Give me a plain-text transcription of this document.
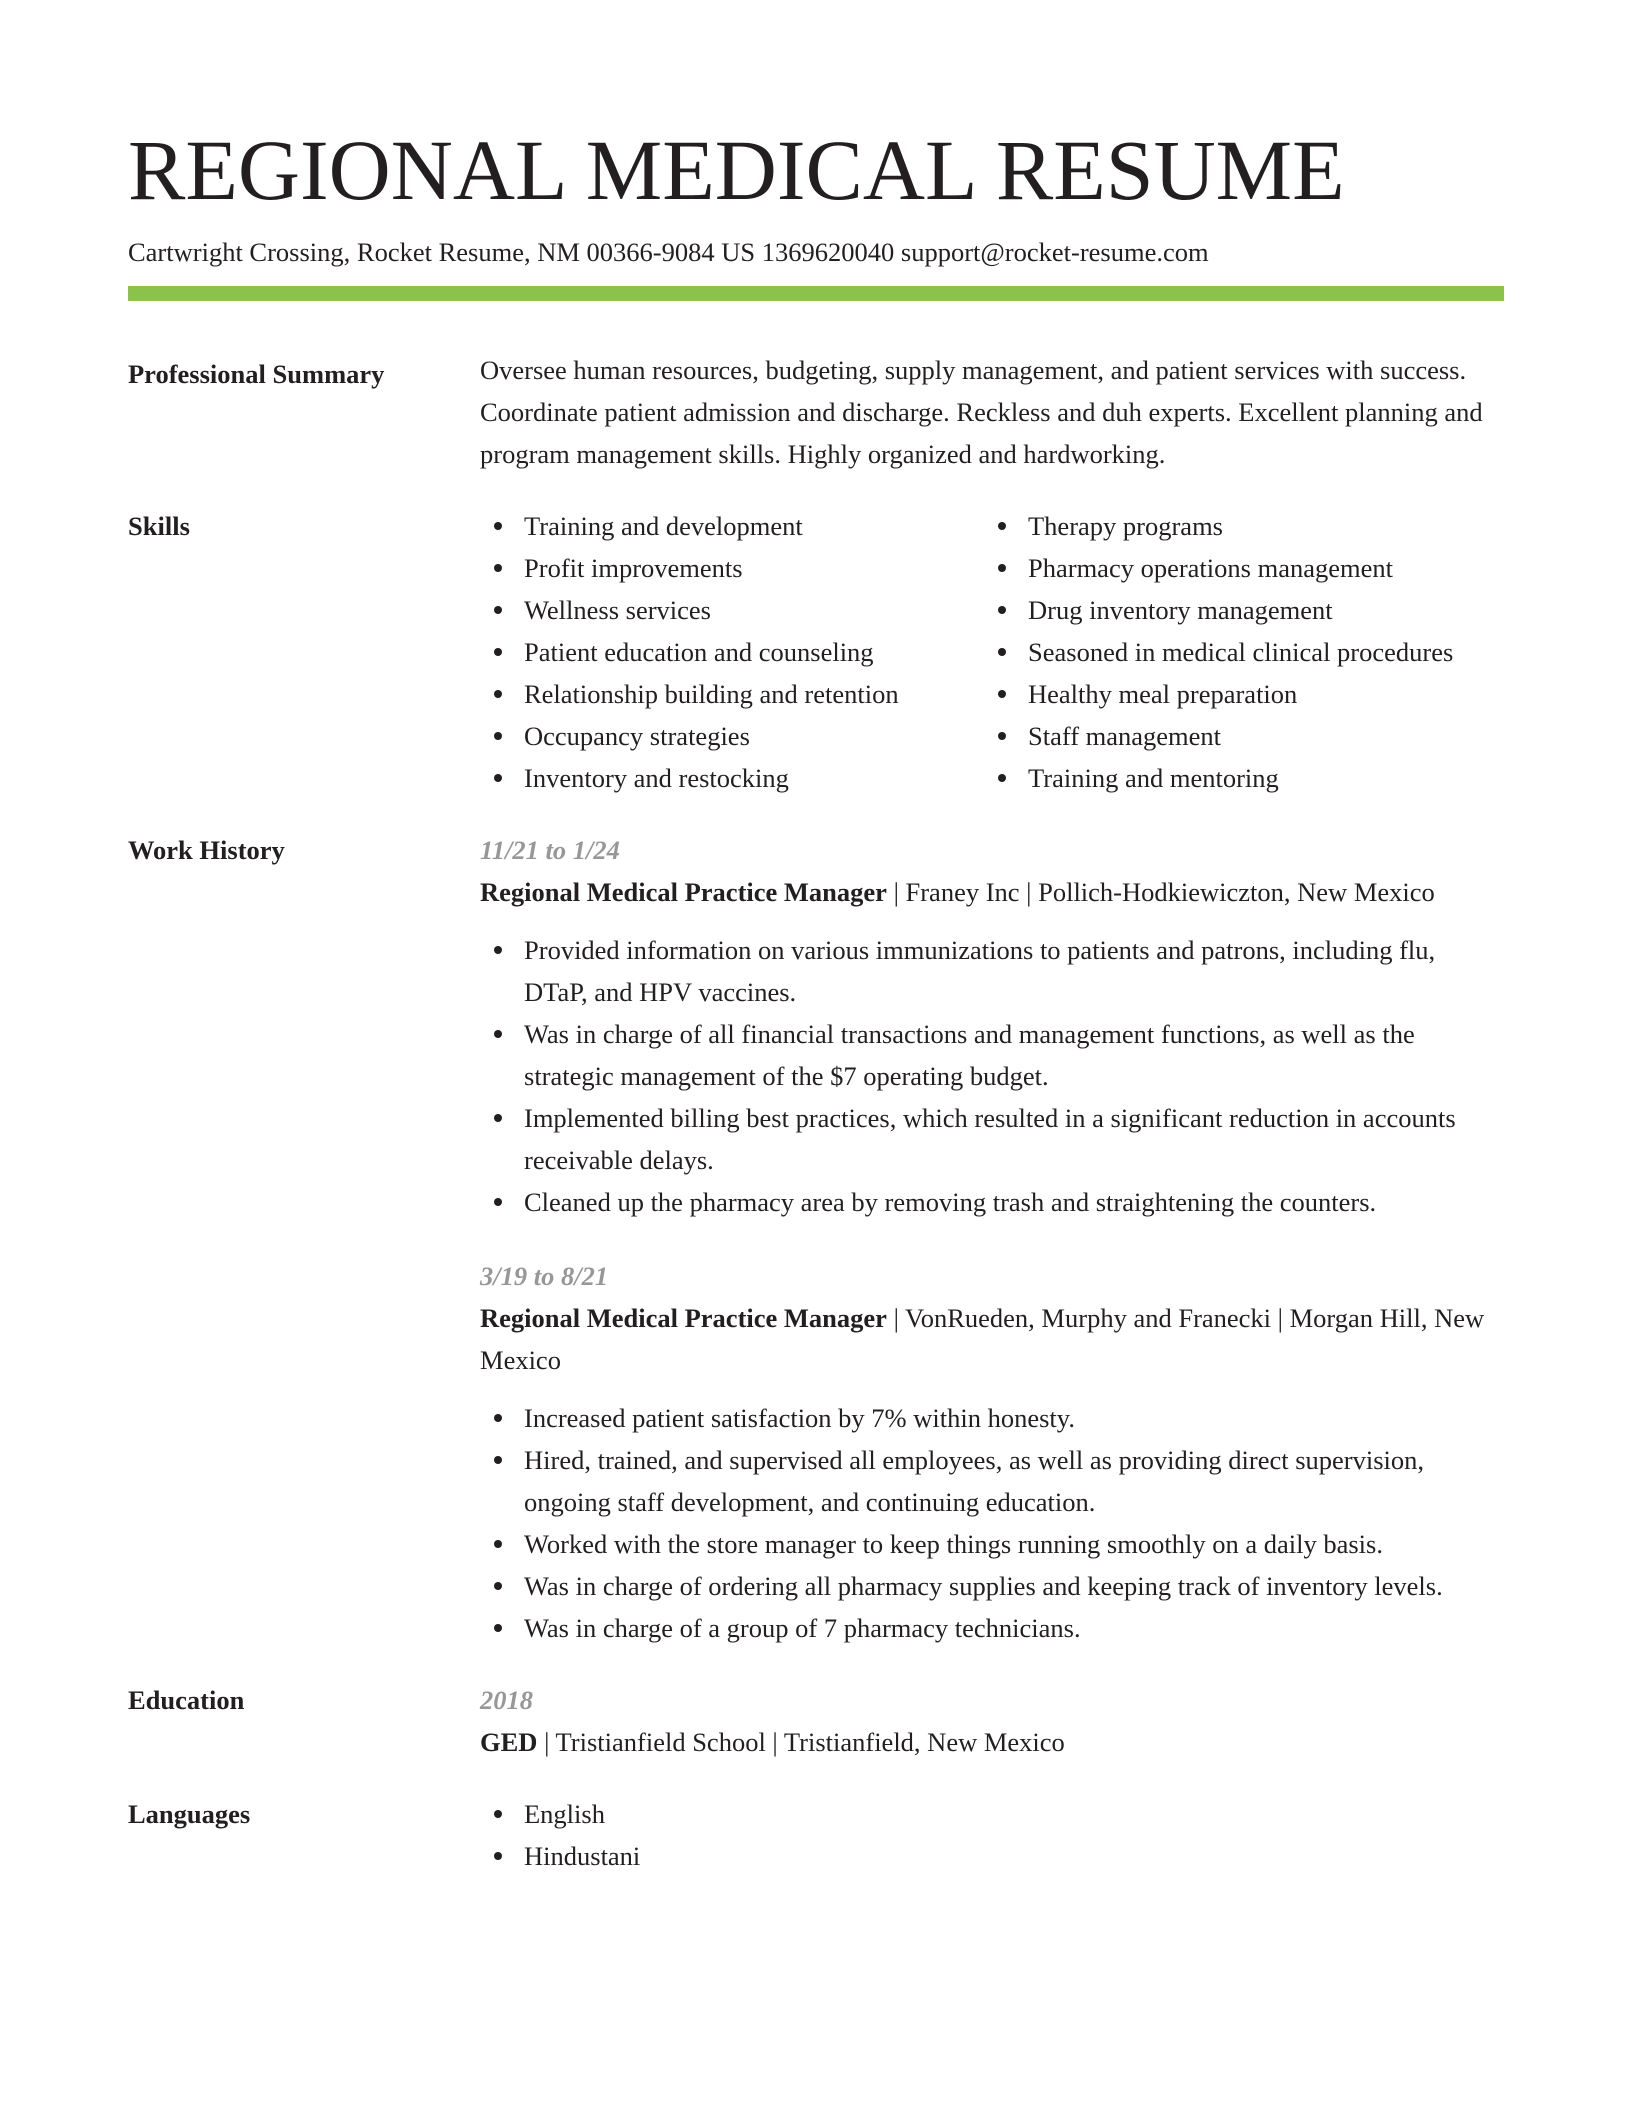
REGIONAL MEDICAL RESUME
Cartwright Crossing, Rocket Resume, NM 00366-9084 US 1369620040 support@rocket-resume.com
Professional Summary	Oversee human resources, budgeting, supply management, and patient services with success. Coordinate patient admission and discharge. Reckless and duh experts. Excellent planning and program management skills. Highly organized and hardworking.

Skills	Training and development
Profit improvements
Wellness services
Patient education and counseling
Relationship building and retention
Occupancy strategies
Inventory and restocking
Therapy programs
Pharmacy operations management
Drug inventory management
Seasoned in medical clinical procedures
Healthy meal preparation
Staff management
Training and mentoring
Work History	11/21 to 1/24
Regional Medical Practice Manager | Franey Inc | Pollich-Hodkiewiczton, New Mexico
Provided information on various immunizations to patients and patrons, including flu, DTaP, and HPV vaccines.
Was in charge of all financial transactions and management functions, as well as the strategic management of the $7 operating budget.
Implemented billing best practices, which resulted in a significant reduction in accounts receivable delays.
Cleaned up the pharmacy area by removing trash and straightening the counters.
3/19 to 8/21
Regional Medical Practice Manager | VonRueden, Murphy and Franecki | Morgan Hill, New Mexico
Increased patient satisfaction by 7% within honesty.
Hired, trained, and supervised all employees, as well as providing direct supervision, ongoing staff development, and continuing education.
Worked with the store manager to keep things running smoothly on a daily basis.
Was in charge of ordering all pharmacy supplies and keeping track of inventory levels.
Was in charge of a group of 7 pharmacy technicians.
Education	2018
GED | Tristianfield School | Tristianfield, New Mexico
Languages	English
Hindustani
